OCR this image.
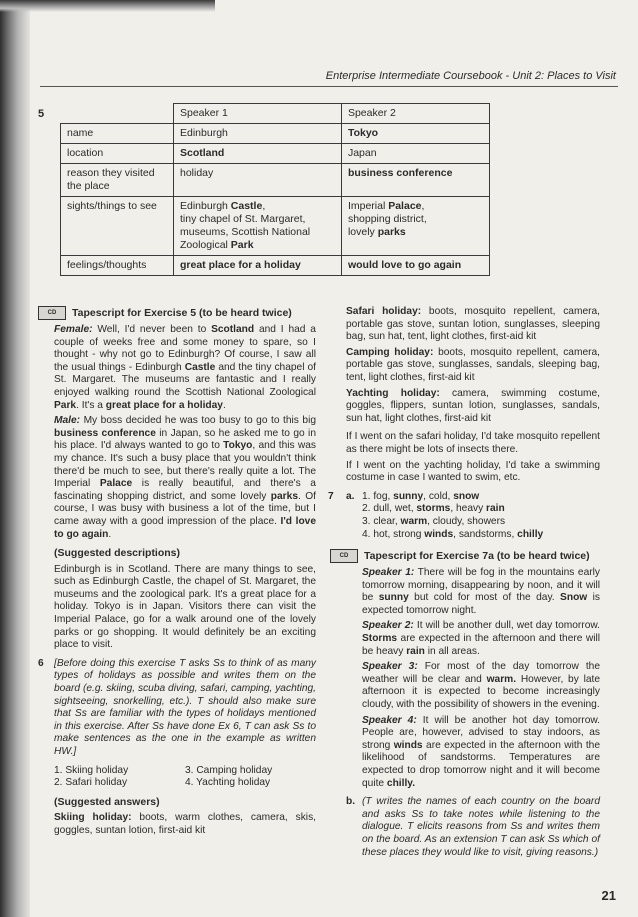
Enterprise Intermediate Coursebook - Unit 2: Places to Visit
5
		Speaker 1	Speaker 2
name	Edinburgh	Tokyo
location	Scotland	Japan
reason they visited the place	holiday	business conference
sights/things to see	Edinburgh Castle,
tiny chapel of St. Margaret,
museums, Scottish National
Zoological Park	Imperial Palace,
shopping district,
lovely parks
feelings/thoughts	great place for a holiday	would love to go again
CD Tapescript for Exercise 5 (to be heard twice)

Female: Well, I'd never been to Scotland and I had a couple of weeks free and some money to spare, so I thought - why not go to Edinburgh? Of course, I saw all the usual things - Edinburgh Castle and the tiny chapel of St. Margaret. The museums are fantastic and I really enjoyed walking round the Scottish National Zoological Park. It's a great place for a holiday.

Male: My boss decided he was too busy to go to this big business conference in Japan, so he asked me to go in his place. I'd always wanted to go to Tokyo, and this was my chance. It's such a busy place that you wouldn't think there'd be much to see, but there's really quite a lot. The Imperial Palace is really beautiful, and there's a fascinating shopping district, and some lovely parks. Of course, I was busy with business a lot of the time, but I came away with a good impression of the place. I'd love to go again.

(Suggested descriptions)

Edinburgh is in Scotland. There are many things to see, such as Edinburgh Castle, the chapel of St. Margaret, the museums and the zoological park. It's a great place for a holiday. Tokyo is in Japan. Visitors there can visit the Imperial Palace, go for a walk around one of the lovely parks or go shopping. It would definitely be an exciting place to visit.

6	[Before doing this exercise T asks Ss to think of as many types of holidays as possible and writes them on the board (e.g. skiing, scuba diving, safari, camping, yachting, sightseeing, snorkelling, etc.). T should also make sure that Ss are familiar with the types of holidays mentioned in this exercise. After Ss have done Ex 6, T can ask Ss to make sentences as the one in the example as written HW.]

1. Skiing holiday
2. Safari holiday
3. Camping holiday
4. Yachting holiday
(Suggested answers)

Skiing holiday: boots, warm clothes, camera, skis, goggles, suntan lotion, first-aid kit

Safari holiday: boots, mosquito repellent, camera, portable gas stove, suntan lotion, sunglasses, sleeping bag, sun hat, tent, light clothes, first-aid kit

Camping holiday: boots, mosquito repellent, camera, portable gas stove, sunglasses, sandals, sleeping bag, tent, light clothes, first-aid kit

Yachting holiday: camera, swimming costume, goggles, flippers, suntan lotion, sunglasses, sandals, sun hat, light clothes, first-aid kit

If I went on the safari holiday, I'd take mosquito repellent as there might be lots of insects there.

If I went on the yachting holiday, I'd take a swimming costume in case I wanted to swim, etc.

7 a. 1. fog, sunny, cold, snow
2. dull, wet, storms, heavy rain
3. clear, warm, cloudy, showers
4. hot, strong winds, sandstorms, chilly
CD Tapescript for Exercise 7a (to be heard twice)

Speaker 1: There will be fog in the mountains early tomorrow morning, disappearing by noon, and it will be sunny but cold for most of the day. Snow is expected tomorrow night.

Speaker 2: It will be another dull, wet day tomorrow. Storms are expected in the afternoon and there will be heavy rain in all areas.

Speaker 3: For most of the day tomorrow the weather will be clear and warm. However, by late afternoon it is expected to become increasingly cloudy, with the possibility of showers in the evening.

Speaker 4: It will be another hot day tomorrow. People are, however, advised to stay indoors, as strong winds are expected in the afternoon with the likelihood of sandstorms. Temperatures are expected to drop tomorrow night and it will become quite chilly.

b. (T writes the names of each country on the board and asks Ss to take notes while listening to the dialogue. T elicits reasons from Ss and writes them on the board. As an extension T can ask Ss which of these places they would like to visit, giving reasons.)

21
